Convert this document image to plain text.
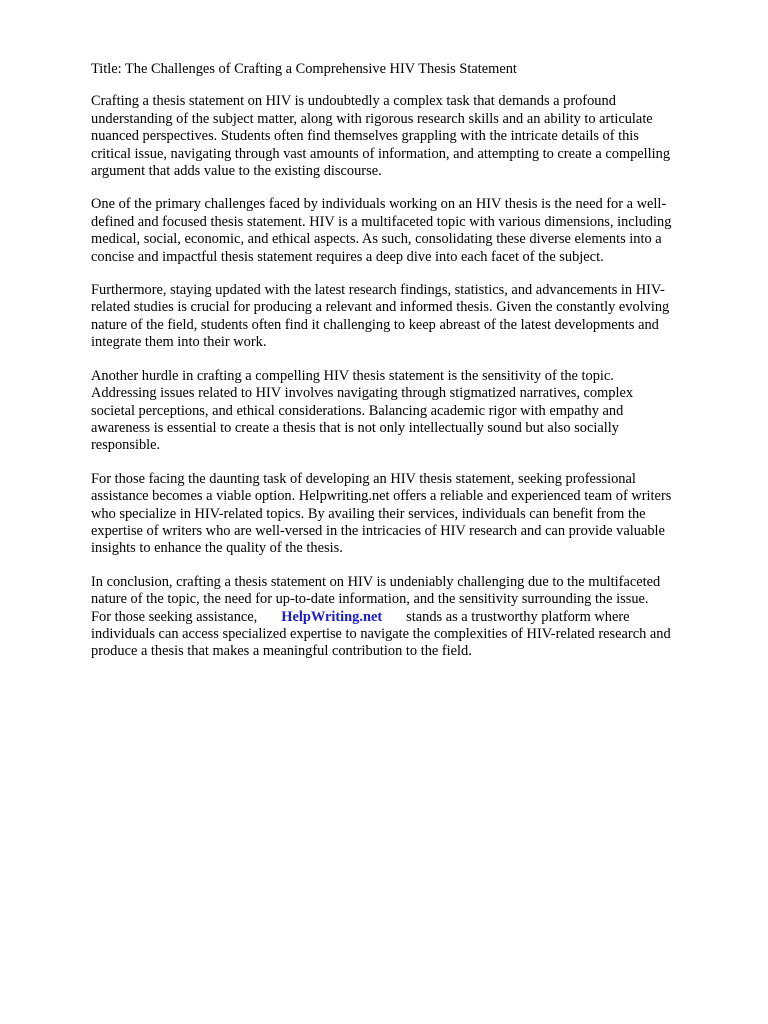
Title: The Challenges of Crafting a Comprehensive HIV Thesis Statement
Crafting a thesis statement on HIV is undoubtedly a complex task that demands a profound
understanding of the subject matter, along with rigorous research skills and an ability to articulate
nuanced perspectives. Students often find themselves grappling with the intricate details of this
critical issue, navigating through vast amounts of information, and attempting to create a compelling
argument that adds value to the existing discourse.
One of the primary challenges faced by individuals working on an HIV thesis is the need for a well-
defined and focused thesis statement. HIV is a multifaceted topic with various dimensions, including
medical, social, economic, and ethical aspects. As such, consolidating these diverse elements into a
concise and impactful thesis statement requires a deep dive into each facet of the subject.
Furthermore, staying updated with the latest research findings, statistics, and advancements in HIV-
related studies is crucial for producing a relevant and informed thesis. Given the constantly evolving
nature of the field, students often find it challenging to keep abreast of the latest developments and
integrate them into their work.
Another hurdle in crafting a compelling HIV thesis statement is the sensitivity of the topic.
Addressing issues related to HIV involves navigating through stigmatized narratives, complex
societal perceptions, and ethical considerations. Balancing academic rigor with empathy and
awareness is essential to create a thesis that is not only intellectually sound but also socially
responsible.
For those facing the daunting task of developing an HIV thesis statement, seeking professional
assistance becomes a viable option. Helpwriting.net offers a reliable and experienced team of writers
who specialize in HIV-related topics. By availing their services, individuals can benefit from the
expertise of writers who are well-versed in the intricacies of HIV research and can provide valuable
insights to enhance the quality of the thesis.
In conclusion, crafting a thesis statement on HIV is undeniably challenging due to the multifaceted
nature of the topic, the need for up-to-date information, and the sensitivity surrounding the issue.
For those seeking assistance, HelpWriting.net stands as a trustworthy platform where
individuals can access specialized expertise to navigate the complexities of HIV-related research and
produce a thesis that makes a meaningful contribution to the field.
